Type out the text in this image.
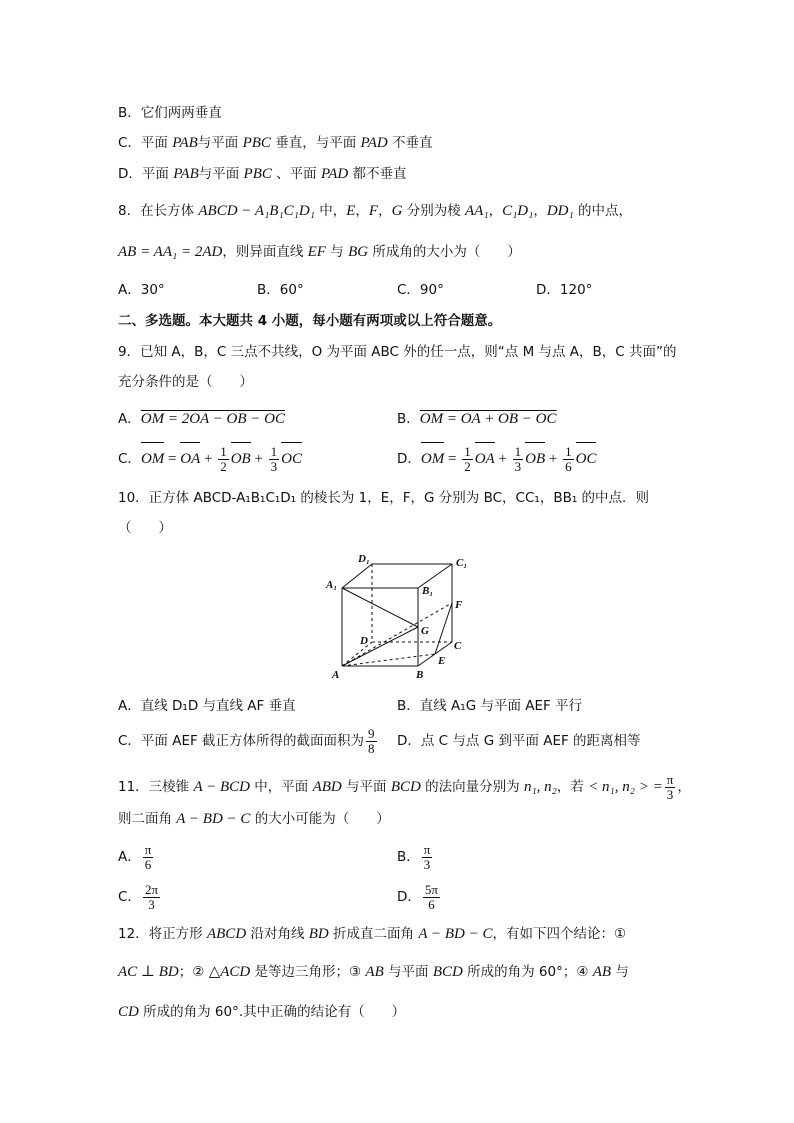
B．它们两两垂直
C．平面 PAB与平面 PBC 垂直，与平面 PAD 不垂直
D．平面 PAB与平面 PBC 、平面 PAD 都不垂直
8．在长方体 ABCD − A₁B₁C₁D₁ 中，E，F，G 分别为棱 AA₁，C₁D₁，DD₁ 的中点，
AB = AA₁ = 2AD，则异面直线 EF 与 BG 所成角的大小为（　　）
A．30°	B．60°	C．90°	D．120°
二、多选题。本大题共 4 小题，每小题有两项或以上符合题意。
9．已知 A，B，C 三点不共线，O 为平面 ABC 外的任一点，则“点 M 与点 A，B，C 共面”的
充分条件的是（　　）
A．OM = 2OA − OB − OC	B．OM = OA + OB − OC
C．OM = OA + $\frac{1}{2}$ OB + $\frac{1}{3}$ OC	D．OM = $\frac{1}{2}$ OA + $\frac{1}{3}$ OB + $\frac{1}{6}$ OC
10．正方体 ABCD-A₁B₁C₁D₁ 的棱长为 1，E，F，G 分别为 BC，CC₁，BB₁ 的中点．则
（　　）
D₁	C₁
A₁	B₁
F
G
D	C
E
A	B
A．直线 D₁D 与直线 AF 垂直	B．直线 A₁G 与平面 AEF 平行
C．平面 AEF 截正方体所得的截面面积为 $\frac{9}{8}$ D．点 C 与点 G 到平面 AEF 的距离相等
11．三棱锥 A − BCD 中，平面 ABD 与平面 BCD 的法向量分别为 n₁, n₂，若 < n₁, n₂ > = $\frac{\pi}{3}$ ，
则二面角 A − BD − C 的大小可能为（　　）
A． $\frac{\pi}{6}$	B． $\frac{\pi}{3}$
C． $\frac{2\pi}{3}$	D． $\frac{5\pi}{6}$
12．将正方形 ABCD 沿对角线 BD 折成直二面角 A − BD − C，有如下四个结论：①
AC ⊥ BD；② △ACD 是等边三角形；③ AB 与平面 BCD 所成的角为 60°；④ AB 与
CD 所成的角为 60°.其中正确的结论有（　　）
